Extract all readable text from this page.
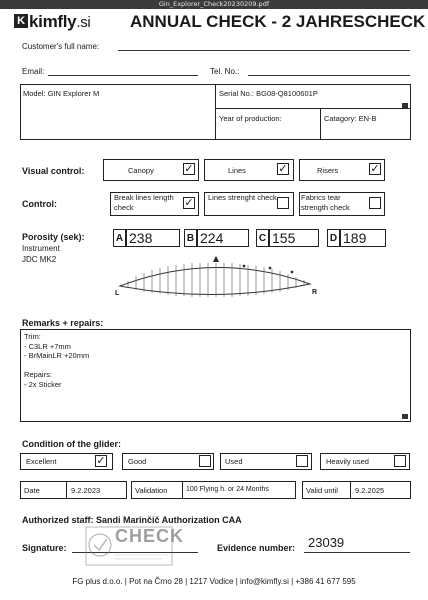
Gin_Explorer_Check20230209.pdf
K kimfly.si ANNUAL CHECK - 2 JAHRESCHECK
Customer's full name:
Email:	Tel. No.:
Model: GIN Explorer M	Serial No.: BG08-Q8100601P
Year of production:	Catagory: EN-B
Visual control:	Canopy	✓	Lines	✓	Risers	✓
Control:
Break lines length check	✓ Lines strenght check	Fabrics tear strength check
Porosity (sek):
Instrument
JDC MK2
A 238	B 224	C 155	D 189
L	R
Remarks + repairs:
Trim:
- C3LR +7mm
- BrMainLR +20mm
Repairs:
- 2x Sticker
Condition of the glider:
Excellent	✓	Good	Used	Heavily used
Date	9.2.2023	Validation	100 Flying h. or 24 Months	Valid until 9.2.2025
Authorized staff: Sandi Marinčič Authorization CAA
Signature:
CHECK
Evidence number: 23039
FG plus d.o.o. | Pot na Črno 28 | 1217 Vodice | info@kimfly.si | +386 41 677 595
